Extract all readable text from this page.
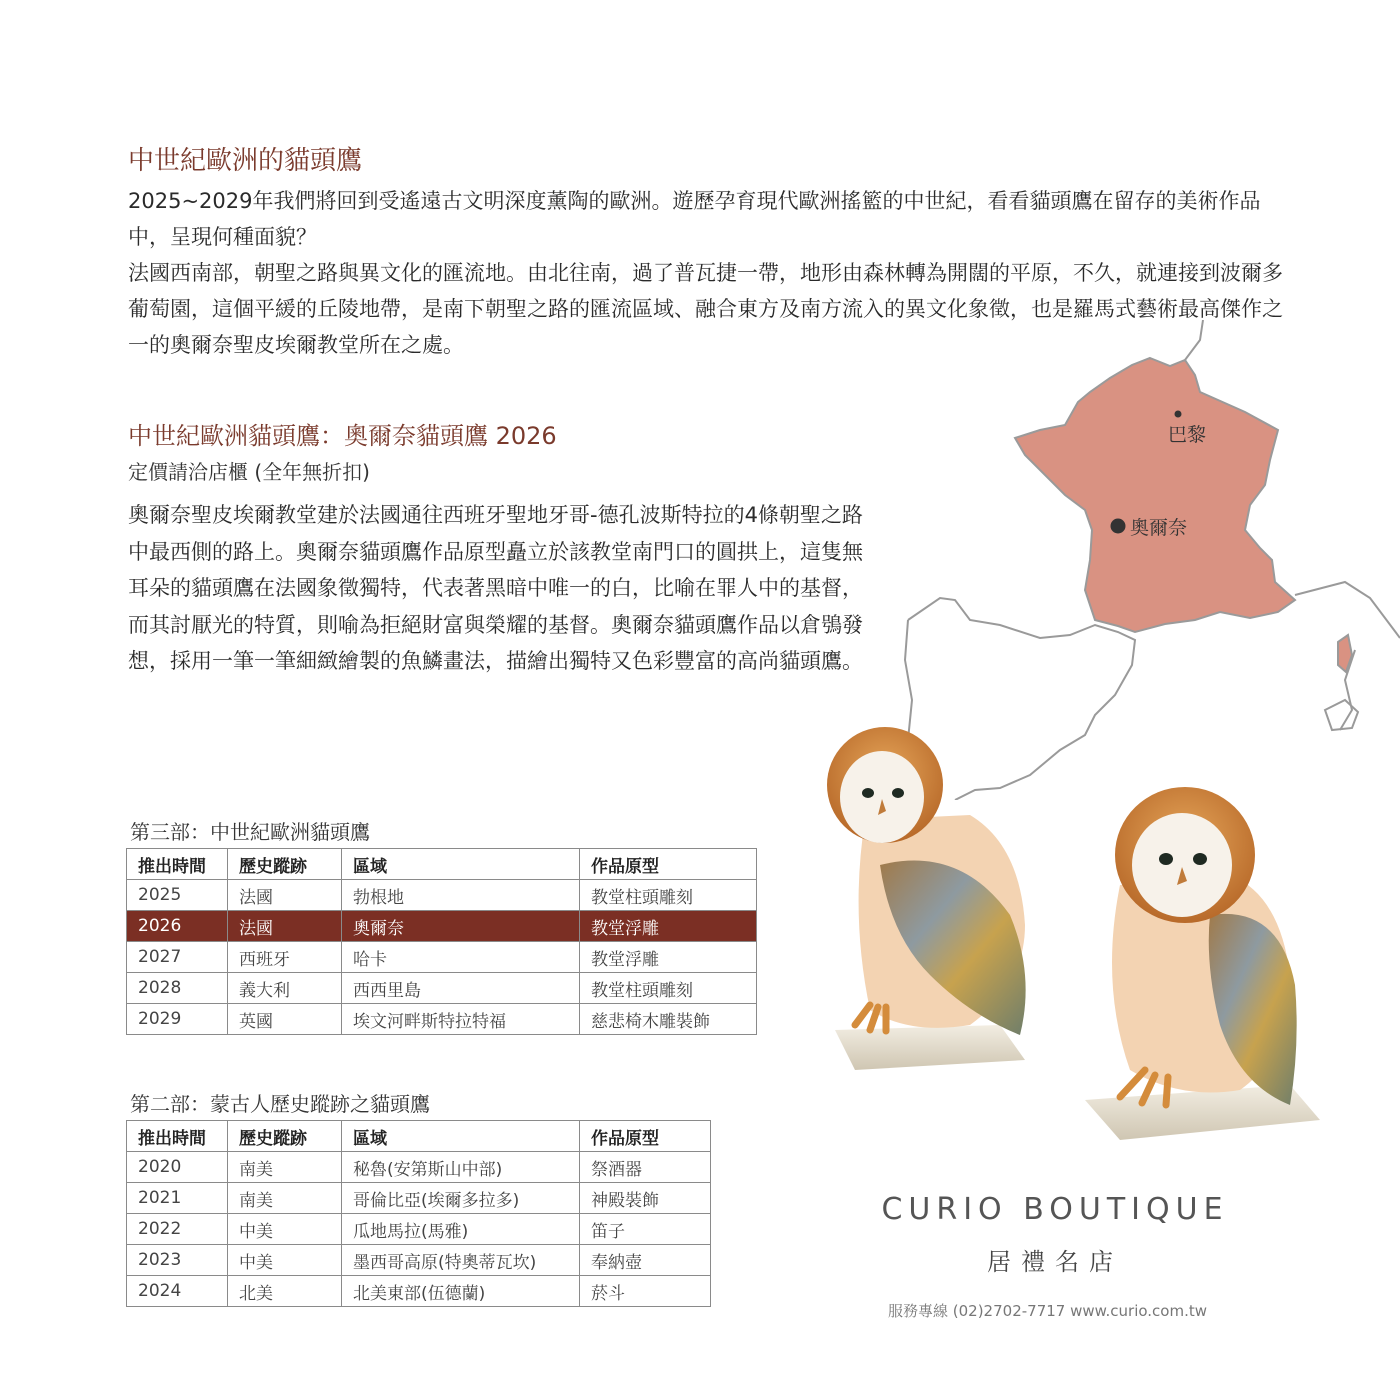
中世紀歐洲的貓頭鷹

2025~2029年我們將回到受遙遠古文明深度薰陶的歐洲。遊歷孕育現代歐洲搖籃的中世紀，看看貓頭鷹在留存的美術作品中，呈現何種面貌？

法國西南部，朝聖之路與異文化的匯流地。由北往南，過了普瓦捷一帶，地形由森林轉為開闊的平原，不久，就連接到波爾多葡萄園，這個平緩的丘陵地帶，是南下朝聖之路的匯流區域、融合東方及南方流入的異文化象徵，也是羅馬式藝術最高傑作之一的奧爾奈聖皮埃爾教堂所在之處。

中世紀歐洲貓頭鷹：奧爾奈貓頭鷹 2026

定價請洽店櫃 (全年無折扣)

奧爾奈聖皮埃爾教堂建於法國通往西班牙聖地牙哥-德孔波斯特拉的4條朝聖之路中最西側的路上。奧爾奈貓頭鷹作品原型矗立於該教堂南門口的圓拱上，這隻無耳朵的貓頭鷹在法國象徵獨特，代表著黑暗中唯一的白，比喻在罪人中的基督，而其討厭光的特質，則喻為拒絕財富與榮耀的基督。奧爾奈貓頭鷹作品以倉鴞發想，採用一筆一筆細緻繪製的魚鱗畫法，描繪出獨特又色彩豐富的高尚貓頭鷹。

巴黎
奧爾奈

第三部：中世紀歐洲貓頭鷹

推出時間	歷史蹤跡	區域	作品原型
2025	法國	勃根地	教堂柱頭雕刻
2026	法國	奧爾奈	教堂浮雕
2027	西班牙	哈卡	教堂浮雕
2028	義大利	西西里島	教堂柱頭雕刻
2029	英國	埃文河畔斯特拉特福	慈悲椅木雕裝飾

第二部：蒙古人歷史蹤跡之貓頭鷹

推出時間	歷史蹤跡	區域	作品原型
2020	南美	秘魯(安第斯山中部)	祭酒器
2021	南美	哥倫比亞(埃爾多拉多)	神殿裝飾
2022	中美	瓜地馬拉(馬雅)	笛子
2023	中美	墨西哥高原(特奧蒂瓦坎)	奉納壺
2024	北美	北美東部(伍德蘭)	菸斗

CURIO BOUTIQUE

居禮名店

服務專線 (02)2702-7717 www.curio.com.tw
